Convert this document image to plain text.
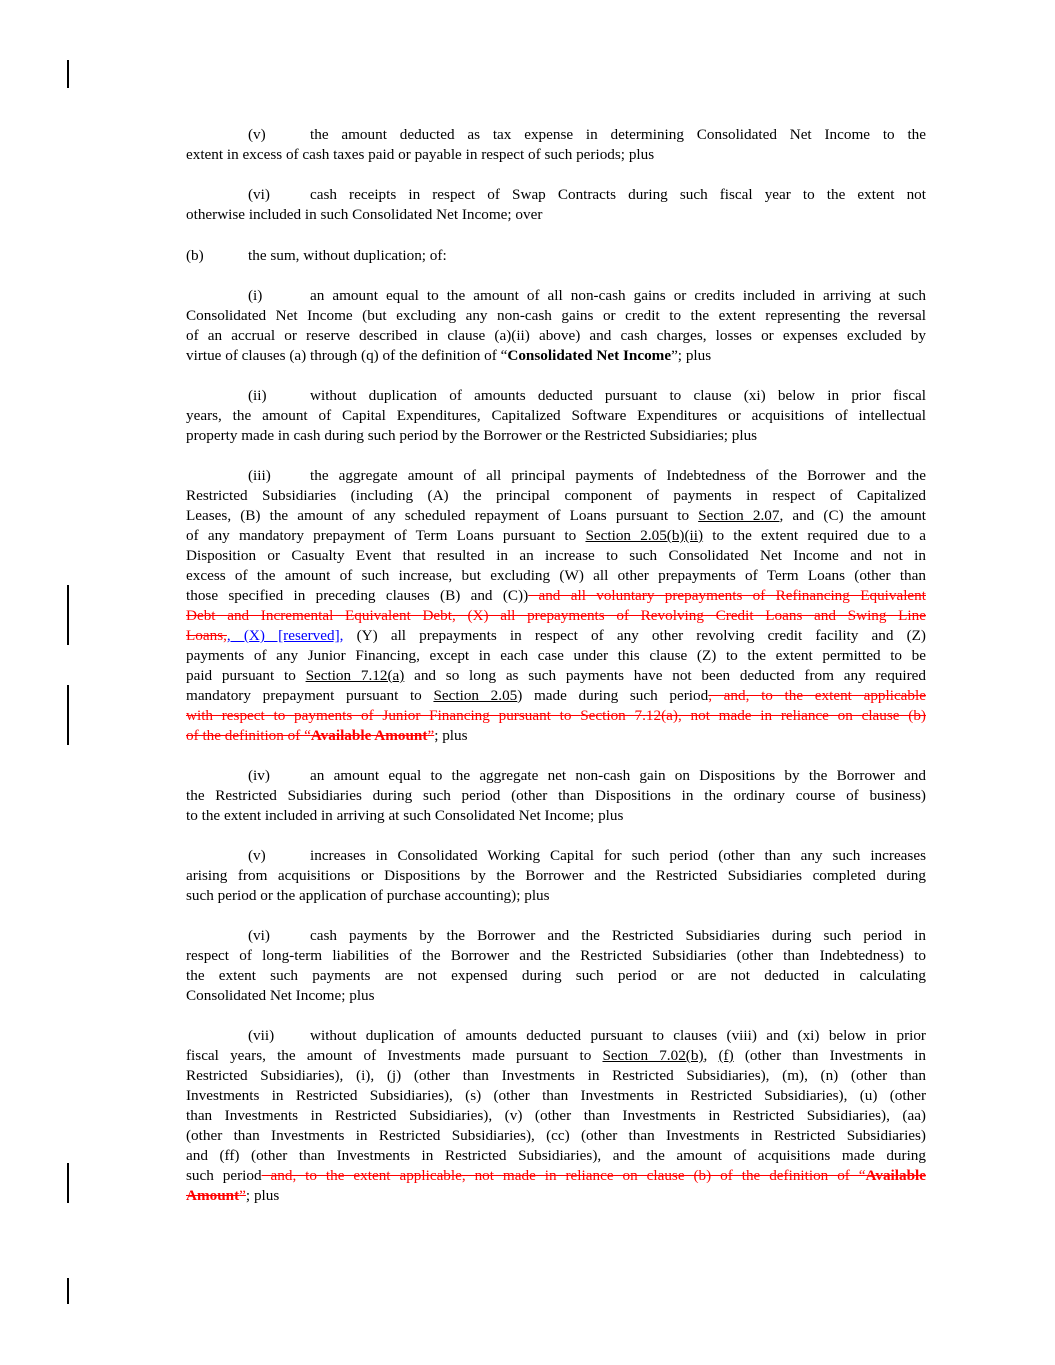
(v)	the amount deducted as tax expense in determining Consolidated Net Income to the
extent in excess of cash taxes paid or payable in respect of such periods; plus
(vi)	cash receipts in respect of Swap Contracts during such fiscal year to the extent not
otherwise included in such Consolidated Net Income; over
(b)	the sum, without duplication; of:
(i)	an amount equal to the amount of all non-cash gains or credits included in arriving at such
Consolidated Net Income (but excluding any non-cash gains or credit to the extent representing the reversal
of an accrual or reserve described in clause (a)(ii) above) and cash charges, losses or expenses excluded by
virtue of clauses (a) through (q) of the definition of “Consolidated Net Income”; plus
(ii)	without duplication of amounts deducted pursuant to clause (xi) below in prior fiscal
years, the amount of Capital Expenditures, Capitalized Software Expenditures or acquisitions of intellectual
property made in cash during such period by the Borrower or the Restricted Subsidiaries; plus
(iii)	the aggregate amount of all principal payments of Indebtedness of the Borrower and the
Restricted Subsidiaries (including (A) the principal component of payments in respect of Capitalized
Leases, (B) the amount of any scheduled repayment of Loans pursuant to Section 2.07, and (C) the amount
of any mandatory prepayment of Term Loans pursuant to Section 2.05(b)(ii) to the extent required due to a
Disposition or Casualty Event that resulted in an increase to such Consolidated Net Income and not in
excess of the amount of such increase, but excluding (W) all other prepayments of Term Loans (other than
those specified in preceding clauses (B) and (C)) and all voluntary prepayments of Refinancing Equivalent
Debt and Incremental Equivalent Debt, (X) all prepayments of Revolving Credit Loans and Swing Line
Loans,, (X) [reserved], (Y) all prepayments in respect of any other revolving credit facility and (Z)
payments of any Junior Financing, except in each case under this clause (Z) to the extent permitted to be
paid pursuant to Section 7.12(a) and so long as such payments have not been deducted from any required
mandatory prepayment pursuant to Section 2.05) made during such period, and, to the extent applicable
with respect to payments of Junior Financing pursuant to Section 7.12(a), not made in reliance on clause (b)
of the definition of “Available Amount”; plus
(iv)	an amount equal to the aggregate net non-cash gain on Dispositions by the Borrower and
the Restricted Subsidiaries during such period (other than Dispositions in the ordinary course of business)
to the extent included in arriving at such Consolidated Net Income; plus
(v)	increases in Consolidated Working Capital for such period (other than any such increases
arising from acquisitions or Dispositions by the Borrower and the Restricted Subsidiaries completed during
such period or the application of purchase accounting); plus
(vi)	cash payments by the Borrower and the Restricted Subsidiaries during such period in
respect of long-term liabilities of the Borrower and the Restricted Subsidiaries (other than Indebtedness) to
the extent such payments are not expensed during such period or are not deducted in calculating
Consolidated Net Income; plus
(vii) without duplication of amounts deducted pursuant to clauses (viii) and (xi) below in prior
fiscal years, the amount of Investments made pursuant to Section 7.02(b), (f) (other than Investments in
Restricted Subsidiaries), (i), (j) (other than Investments in Restricted Subsidiaries), (m), (n) (other than
Investments in Restricted Subsidiaries), (s) (other than Investments in Restricted Subsidiaries), (u) (other
than Investments in Restricted Subsidiaries), (v) (other than Investments in Restricted Subsidiaries), (aa)
(other than Investments in Restricted Subsidiaries), (cc) (other than Investments in Restricted Subsidiaries)
and (ff) (other than Investments in Restricted Subsidiaries), and the amount of acquisitions made during
such period and, to the extent applicable, not made in reliance on clause (b) of the definition of “Available
Amount”; plus
